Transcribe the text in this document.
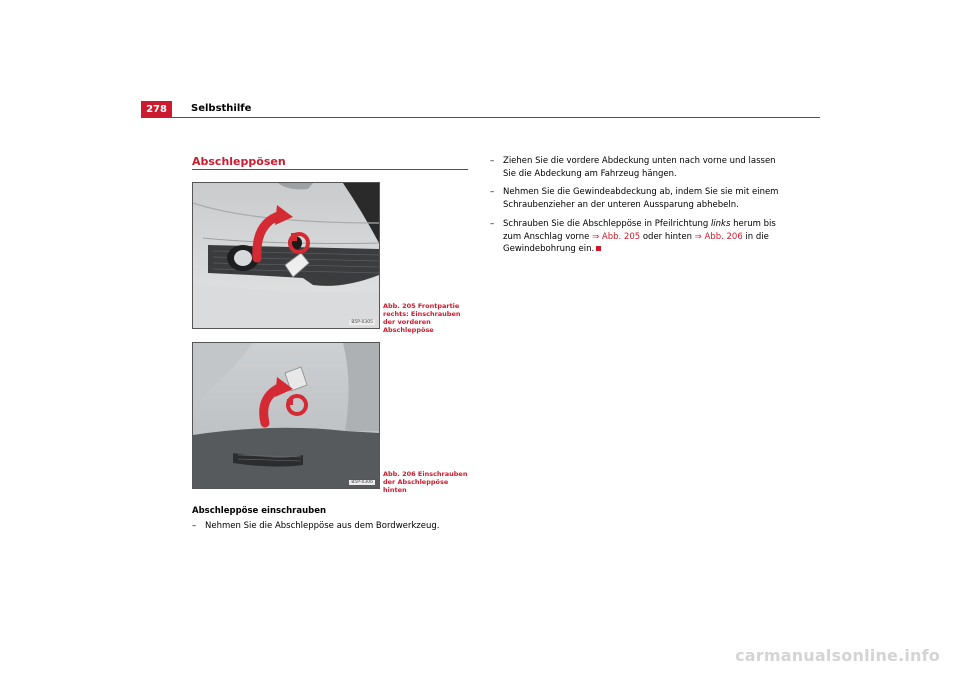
278	Selbsthilfe
Abschleppösen
B5P-0305
Abb. 205 Frontpartie rechts: Einschrauben der vorderen Abschleppöse
B5P-0306
Abb. 206 Einschrauben der Abschleppöse hinten
Abschleppöse einschrauben
–	Nehmen Sie die Abschleppöse aus dem Bordwerkzeug.
–	Ziehen Sie die vordere Abdeckung unten nach vorne und lassen Sie die Abdeckung am Fahrzeug hängen.
–	Nehmen Sie die Gewindeabdeckung ab, indem Sie sie mit einem Schraubenzieher an der unteren Aussparung abhebeln.
–	Schrauben Sie die Abschleppöse in Pfeilrichtung links herum bis zum Anschlag vorne ⇒ Abb. 205 oder hinten ⇒ Abb. 206 in die Gewindebohrung ein.
carmanualsonline.info
